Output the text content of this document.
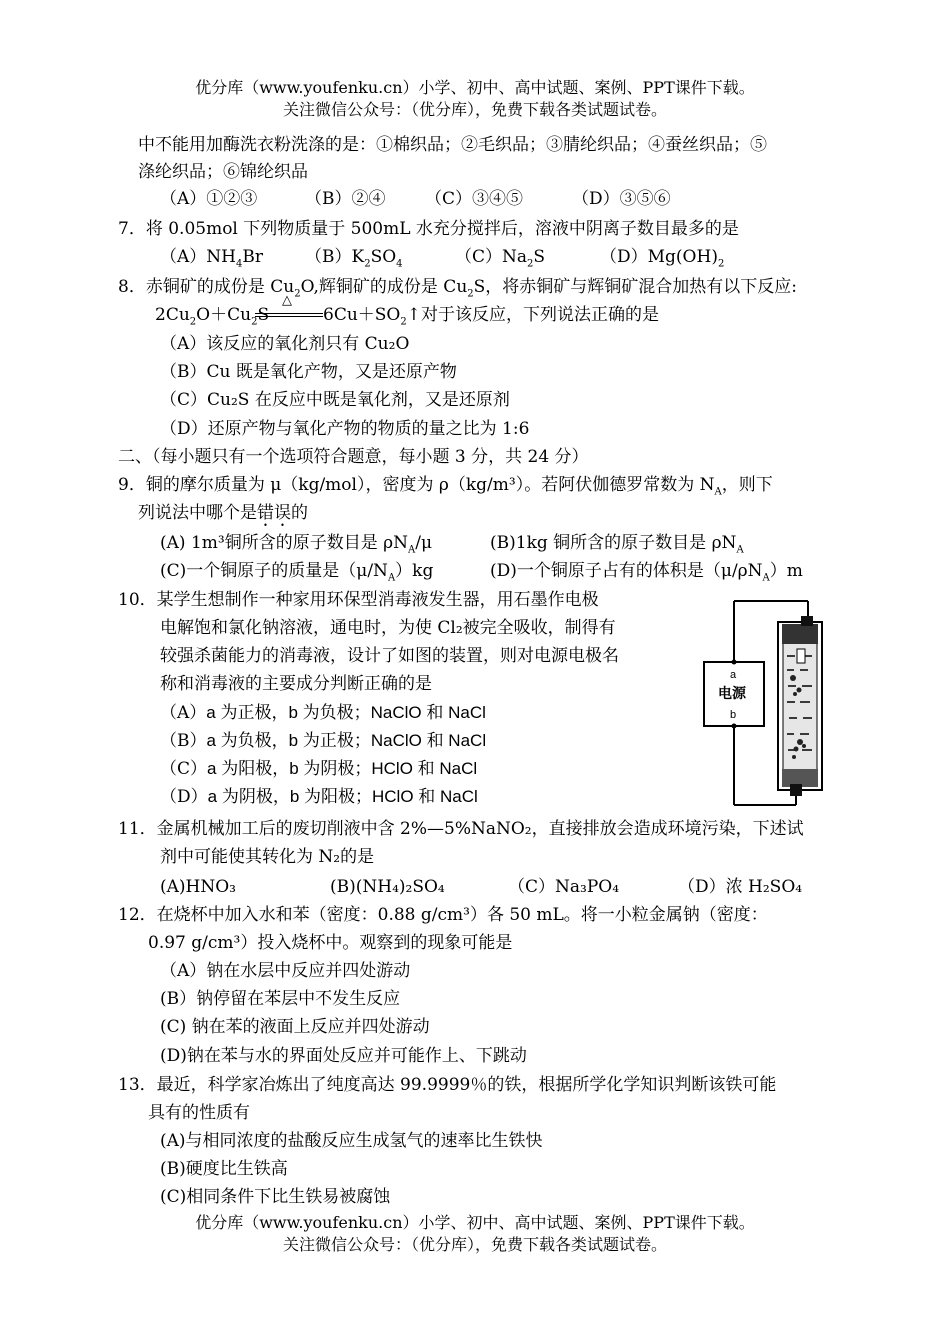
优分库（www.youfenku.cn）小学、初中、高中试题、案例、PPT课件下载。
关注微信公众号：（优分库），免费下载各类试题试卷。
中不能用加酶洗衣粉洗涤的是：①棉织品；②毛织品；③腈纶织品；④蚕丝织品；⑤
涤纶织品；⑥锦纶织品
（A）①②③	（B）②④ （C）③④⑤	（D）③⑤⑥
7．将 0.05mol 下列物质量于 500mL 水充分搅拌后，溶液中阴离子数目最多的是
$(A)NH_4Br$ $(B)K_2SO_4$	$(C)Na_2S$	$(D)Mg(OH)_2$
8．赤铜矿的成份是 $Cu_2O$,辉铜矿的成份是 $Cu_2S$，将赤铜矿与辉铜矿混合加热有以下反应:
△
$2Cu_2O+Cu_2S$	$6Cu+SO_2↑$对于该反应，下列说法正确的是
（A）该反应的氧化剂只有 Cu₂O
（B）Cu 既是氧化产物，又是还原产物
（C）Cu₂S 在反应中既是氧化剂，又是还原剂
（D）还原产物与氧化产物的物质的量之比为 1:6
二、（每小题只有一个选项符合题意，每小题 3 分，共 24 分）
9．铜的摩尔质量为 μ（kg/mol），密度为 ρ（kg/m³）。若阿伏伽德罗常数为 $N_A$，则下
列说法中哪个是错误的
(A) 1m³铜所含的原子数目是 $\rho N_A/\mu$	(B)1kg 铜所含的原子数目是 $\rho N_A$
(C)一个铜原子的质量是$(\mu/N_A)kg$	(D)一个铜原子占有的体积是$(\mu/\rho N_A)m$
10．某学生想制作一种家用环保型消毒液发生器，用石墨作电极
电解饱和氯化钠溶液，通电时，为使 Cl₂被完全吸收，制得有
较强杀菌能力的消毒液，设计了如图的装置，则对电源电极名
称和消毒液的主要成分判断正确的是
（A）a 为正极，b 为负极；NaClO 和 NaCl
（B）a 为负极，b 为正极；NaClO 和 NaCl
（C）a 为阳极，b 为阴极；HClO 和 NaCl
（D）a 为阴极，b 为阳极；HClO 和 NaCl
a
电源
b
11．金属机械加工后的废切削液中含 2%—5%NaNO₂，直接排放会造成环境污染，下述试
剂中可能使其转化为 N₂的是
(A)HNO₃	(B)(NH₄)₂SO₄	（C）Na₃PO₄	（D）浓 H₂SO₄
12．在烧杯中加入水和苯（密度：0.88 g/cm³）各 50 mL。将一小粒金属钠（密度：
0.97 g/cm³）投入烧杯中。观察到的现象可能是
（A）钠在水层中反应并四处游动
(B）钠停留在苯层中不发生反应
(C) 钠在苯的液面上反应并四处游动
(D)钠在苯与水的界面处反应并可能作上、下跳动
13．最近，科学家冶炼出了纯度高达 99.9999％的铁，根据所学化学知识判断该铁可能
具有的性质有
(A)与相同浓度的盐酸反应生成氢气的速率比生铁快
(B)硬度比生铁高
(C)相同条件下比生铁易被腐蚀
优分库（www.youfenku.cn）小学、初中、高中试题、案例、PPT课件下载。
关注微信公众号：（优分库），免费下载各类试题试卷。
